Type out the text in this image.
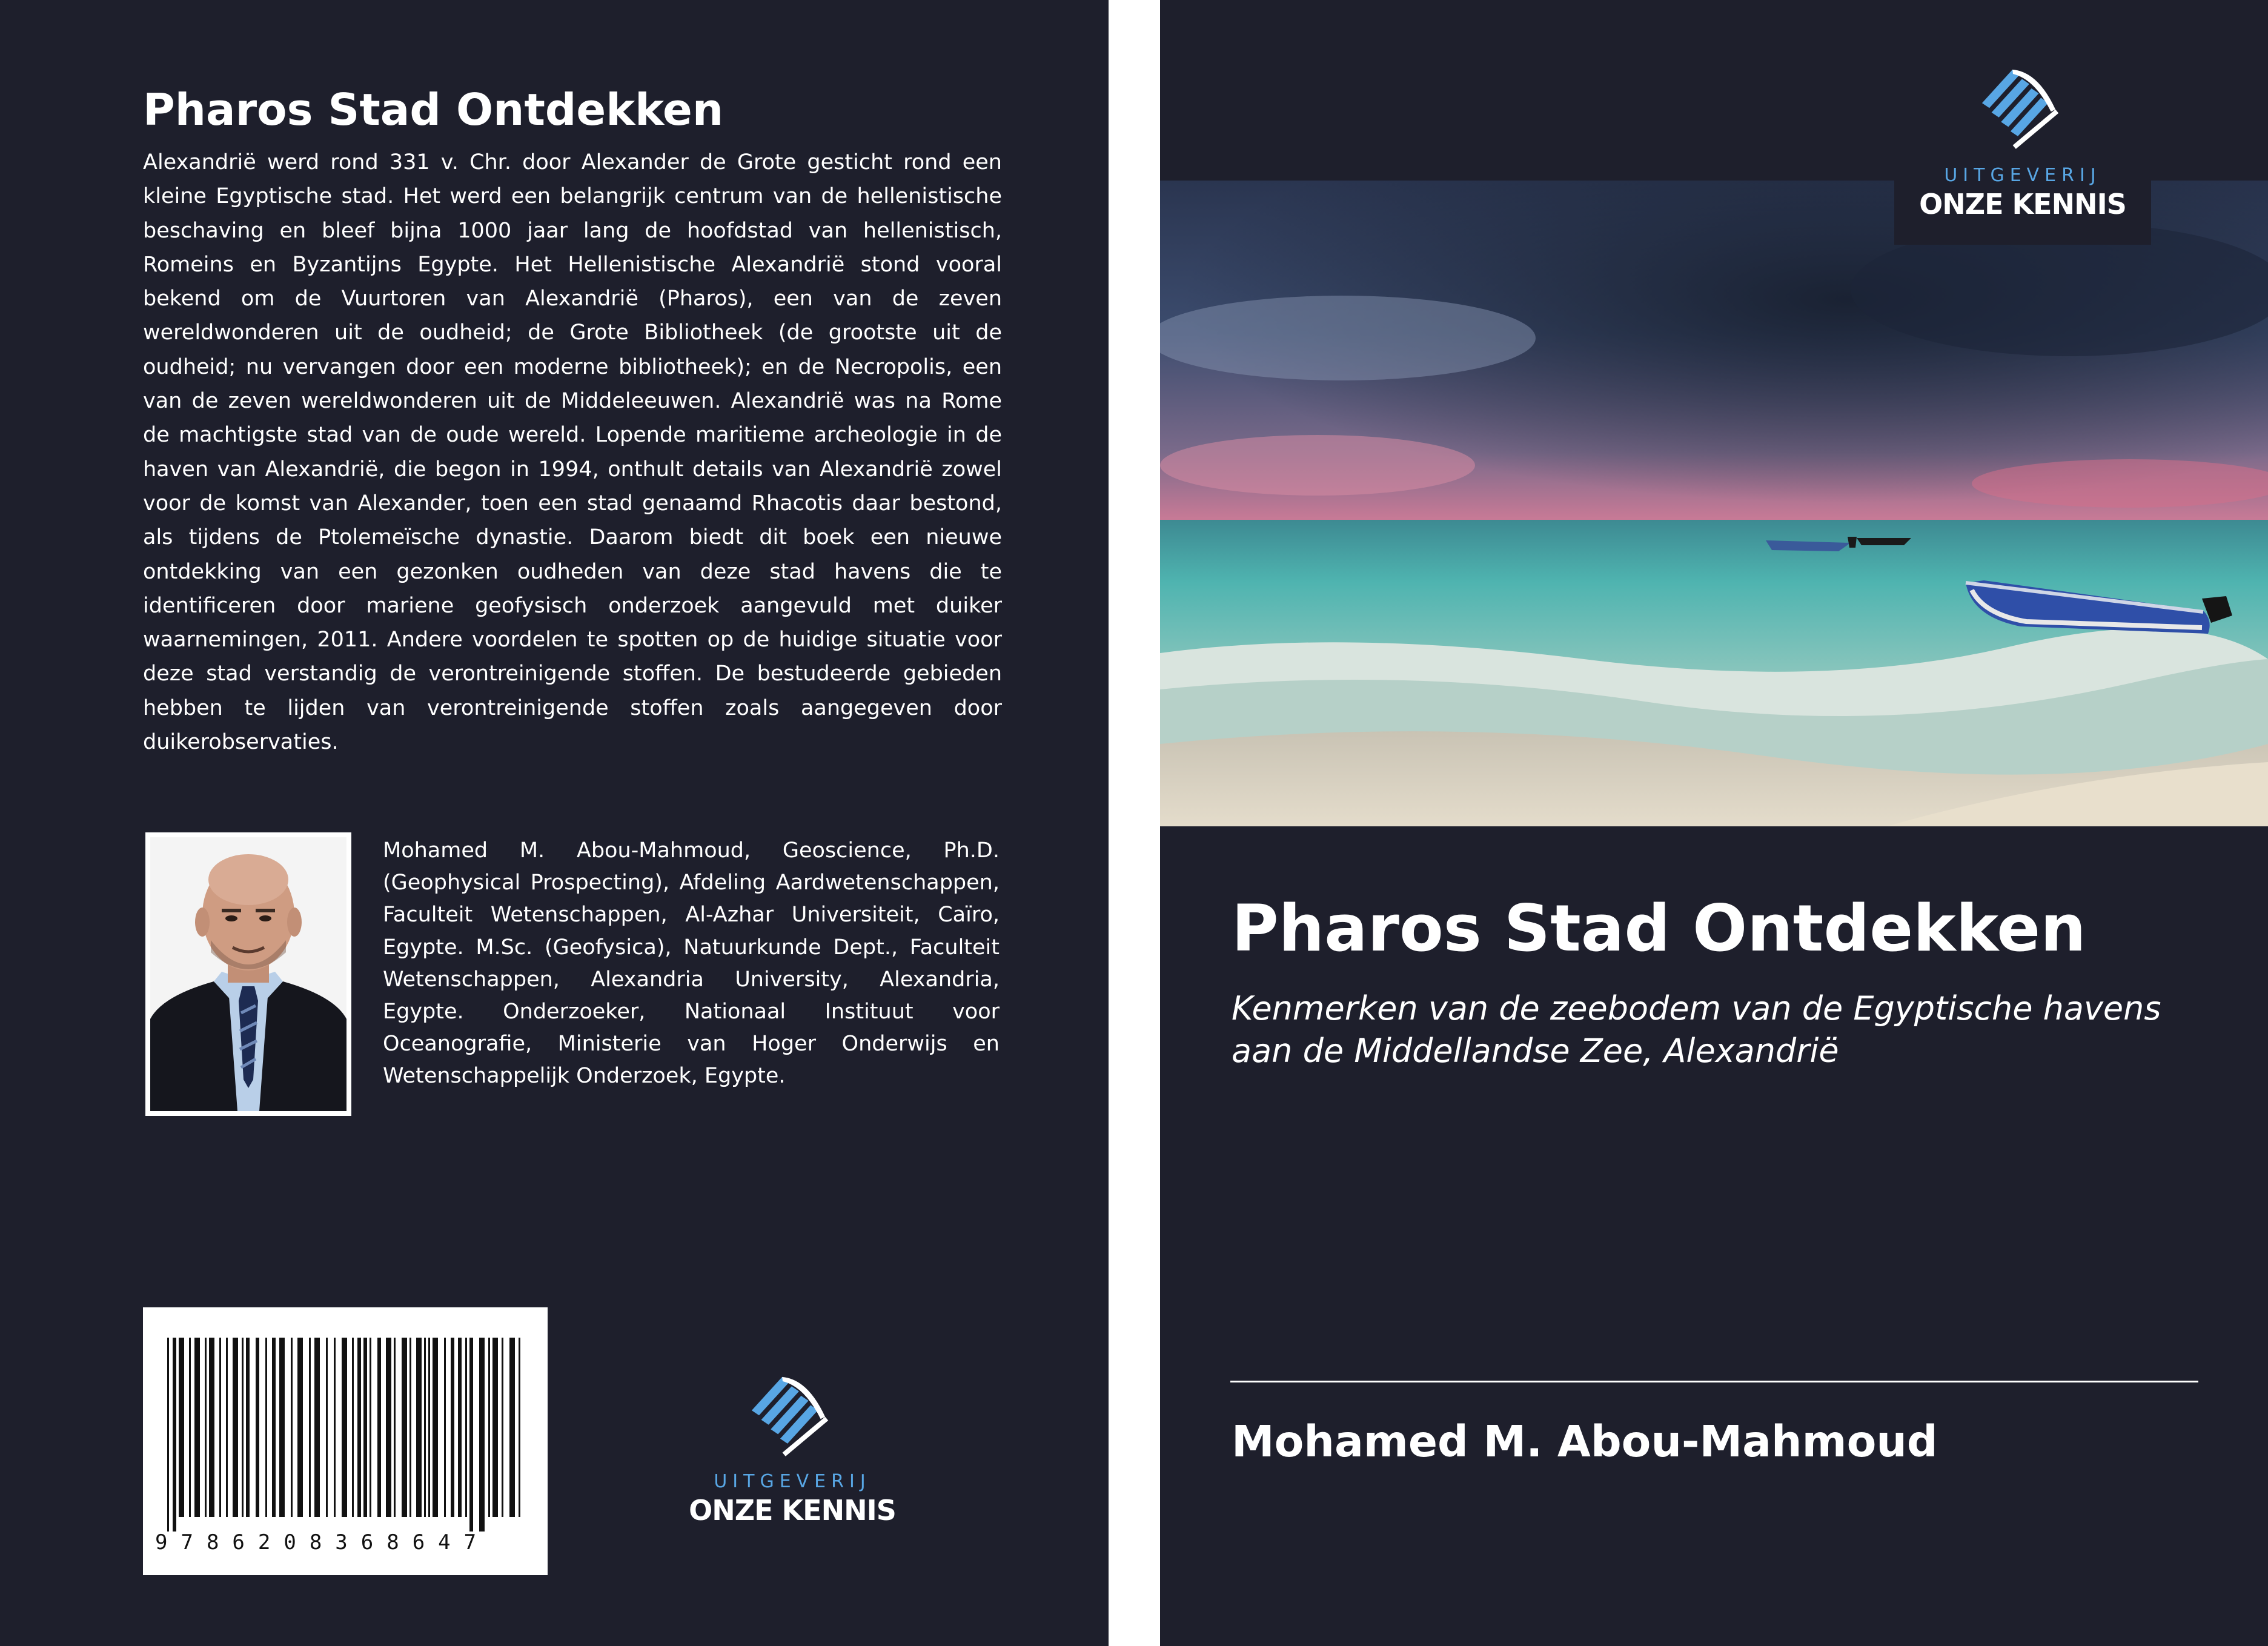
Pharos Stad Ontdekken

Alexandrië werd rond 331 v. Chr. door Alexander de Grote gesticht rond een kleine Egyptische stad. Het werd een belangrijk centrum van de hellenistische beschaving en bleef bijna 1000 jaar lang de hoofdstad van hellenistisch, Romeins en Byzantijns Egypte. Het Hellenistische Alexandrië stond vooral bekend om de Vuurtoren van Alexandrië (Pharos), een van de zeven wereldwonderen uit de oudheid; de Grote Bibliotheek (de grootste uit de oudheid; nu vervangen door een moderne bibliotheek); en de Necropolis, een van de zeven wereldwonderen uit de Middeleeuwen. Alexandrië was na Rome de machtigste stad van de oude wereld. Lopende maritieme archeologie in de haven van Alexandrië, die begon in 1994, onthult details van Alexandrië zowel voor de komst van Alexander, toen een stad genaamd Rhacotis daar bestond, als tijdens de Ptolemeïsche dynastie. Daarom biedt dit boek een nieuwe ontdekking van een gezonken oudheden van deze stad havens die te identificeren door mariene geofysisch onderzoek aangevuld met duiker waarnemingen, 2011. Andere voordelen te spotten op de huidige situatie voor deze stad verstandig de verontreinigende stoffen. De bestudeerde gebieden hebben te lijden van verontreinigende stoffen zoals aangegeven door duikerobservaties.

Mohamed M. Abou-Mahmoud, Geoscience, Ph.D. (Geophysical Prospecting), Afdeling Aardwetenschappen, Faculteit Wetenschappen, Al-Azhar Universiteit, Caïro, Egypte. M.Sc. (Geofysica), Natuurkunde Dept., Faculteit Wetenschappen, Alexandria University, Alexandria, Egypte. Onderzoeker, Nationaal Instituut voor Oceanografie, Ministerie van Hoger Onderwijs en Wetenschappelijk Onderzoek, Egypte.

9786208368647
UITGEVERIJ
ONZE KENNIS
UITGEVERIJ
ONZE KENNIS
Pharos Stad Ontdekken

Kenmerken van de zeebodem van de Egyptische havens aan de Middellandse Zee, Alexandrië

Mohamed M. Abou-Mahmoud
